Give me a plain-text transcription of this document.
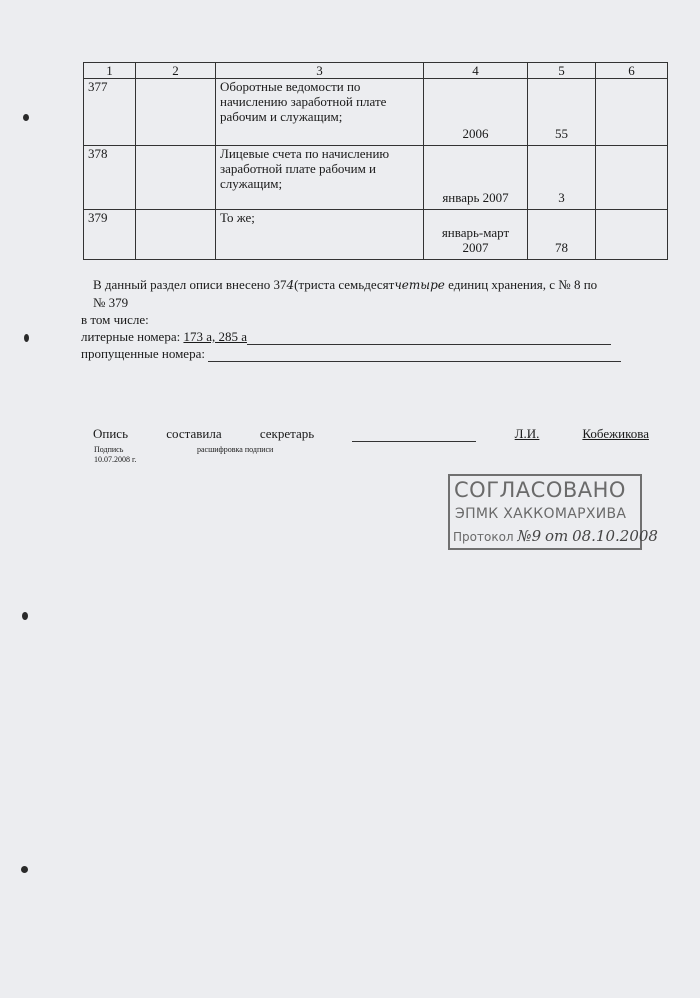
1	2	3	4	5	6
377		Оборотные ведомости по начислению заработной плате рабочим и служащим;	2006	55	
378		Лицевые счета по начислению заработной плате рабочим и служащим;	январь 2007	3	
379		То же;	январь-март 2007	78	
В данный раздел описи внесено 374(триста семьдесятчетыре единиц хранения, с № 8 по
№ 379
в том числе:
литерные номера: 173 а, 285 а
пропущенные номера:
Опись	составила	секретарь	Л.И.	Кобежикова
Подпись	расшифровка подписи
10.07.2008 г.
СОГЛАСОВАНО
ЭПМК ХАККОМАРХИВА
Протокол №9 от 08.10.2008
